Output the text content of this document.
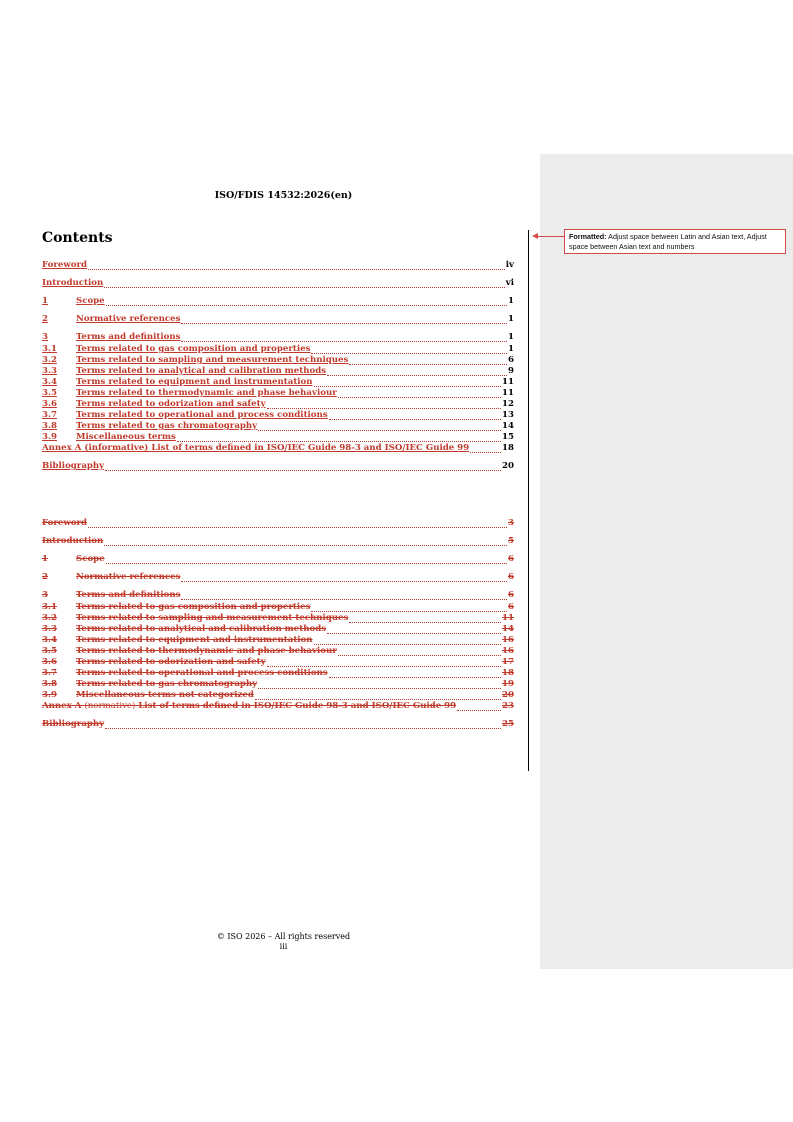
Formatted: Adjust space between Latin and Asian text, Adjust space between Asian text and numbers
ISO/FDIS 14532:2026(en)
Contents
Foreword	iv
Introduction	vi
1	Scope	1
2	Normative references	1
3	Terms and definitions	1
3.1	Terms related to gas composition and properties	1
3.2	Terms related to sampling and measurement techniques	6
3.3	Terms related to analytical and calibration methods	9
3.4	Terms related to equipment and instrumentation	11
3.5	Terms related to thermodynamic and phase behaviour	11
3.6	Terms related to odorization and safety	12
3.7	Terms related to operational and process conditions	13
3.8	Terms related to gas chromatography	14
3.9	Miscellaneous terms	15
Annex A (informative) List of terms defined in ISO/IEC Guide 98-3 and ISO/IEC Guide 99	18
Bibliography	20
Foreword	3
Introduction	5
1	Scope	6
2	Normative references	6
3	Terms and definitions	6
3.1	Terms related to gas composition and properties	6
3.2	Terms related to sampling and measurement techniques	11
3.3	Terms related to analytical and calibration methods	14
3.4	Terms related to equipment and instrumentation	16
3.5	Terms related to thermodynamic and phase behaviour	16
3.6	Terms related to odorization and safety	17
3.7	Terms related to operational and process conditions	18
3.8	Terms related to gas chromatography	19
3.9	Miscellaneous terms not categorized	20
Annex A (normative) List of terms defined in ISO/IEC Guide 98-3 and ISO/IEC Guide 99	23
Bibliography	25
© ISO 2026 – All rights reserved
iii
